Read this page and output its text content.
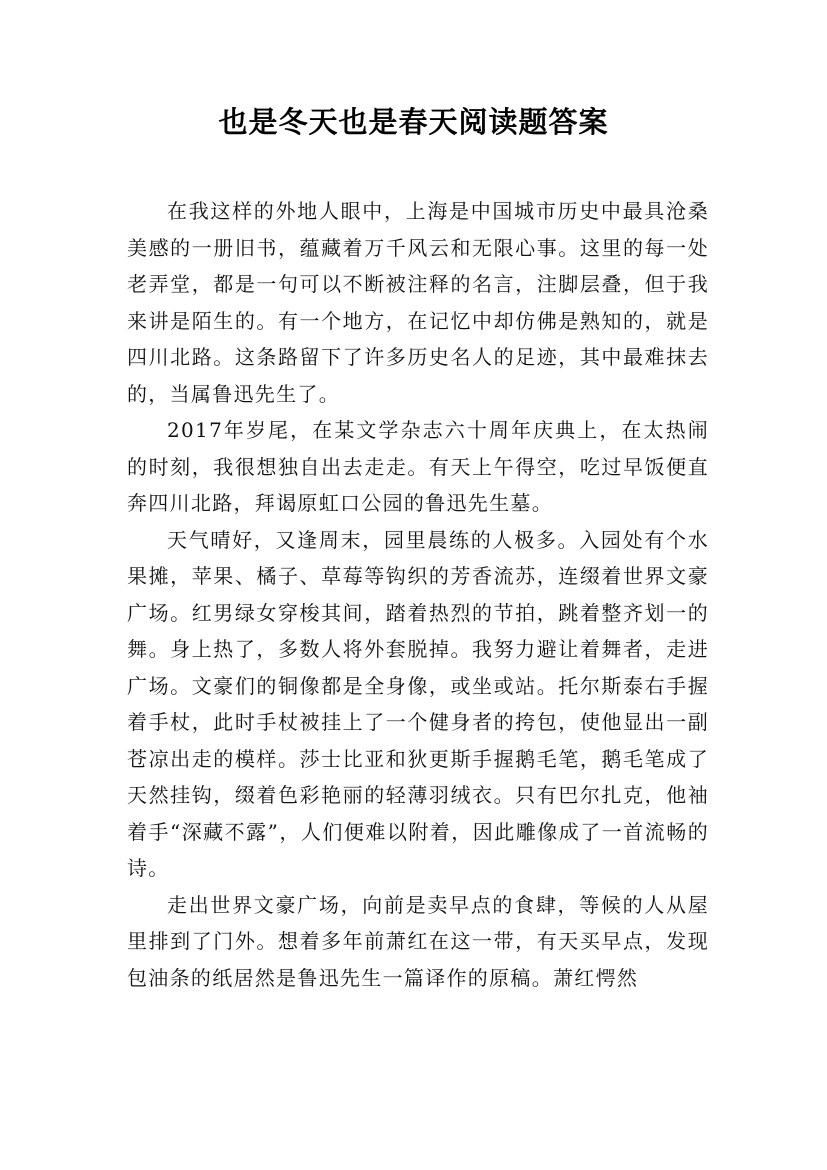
也是冬天也是春天阅读题答案

在我这样的外地人眼中，上海是中国城市历史中最具沧桑美感的一册旧书，蕴藏着万千风云和无限心事。这里的每一处老弄堂，都是一句可以不断被注释的名言，注脚层叠，但于我来讲是陌生的。有一个地方，在记忆中却仿佛是熟知的，就是四川北路。这条路留下了许多历史名人的足迹，其中最难抹去的，当属鲁迅先生了。

2017年岁尾，在某文学杂志六十周年庆典上，在太热闹的时刻，我很想独自出去走走。有天上午得空，吃过早饭便直奔四川北路，拜谒原虹口公园的鲁迅先生墓。

天气晴好，又逢周末，园里晨练的人极多。入园处有个水果摊，苹果、橘子、草莓等钩织的芳香流苏，连缀着世界文豪广场。红男绿女穿梭其间，踏着热烈的节拍，跳着整齐划一的舞。身上热了，多数人将外套脱掉。我努力避让着舞者，走进广场。文豪们的铜像都是全身像，或坐或站。托尔斯泰右手握着手杖，此时手杖被挂上了一个健身者的挎包，使他显出一副苍凉出走的模样。莎士比亚和狄更斯手握鹅毛笔，鹅毛笔成了天然挂钩，缀着色彩艳丽的轻薄羽绒衣。只有巴尔扎克，他袖着手“深藏不露”，人们便难以附着，因此雕像成了一首流畅的诗。

走出世界文豪广场，向前是卖早点的食肆，等候的人从屋里排到了门外。想着多年前萧红在这一带，有天买早点，发现包油条的纸居然是鲁迅先生一篇译作的原稿。萧红愕然
